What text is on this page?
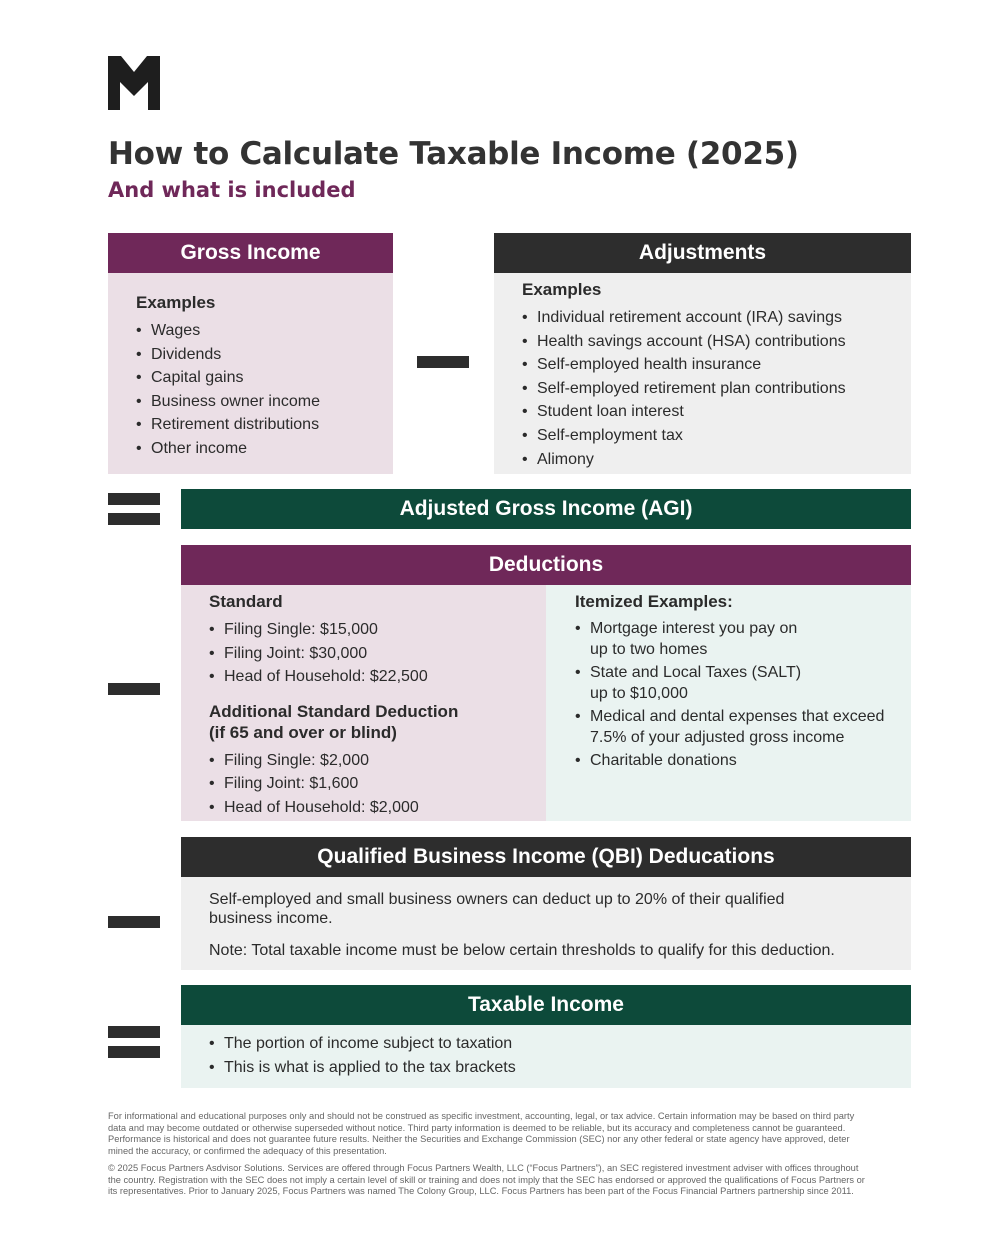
How to Calculate Taxable Income (2025)
And what is included
Gross Income
Examples
• Wages
• Dividends
• Capital gains
• Business owner income
• Retirement distributions
• Other income
Adjustments
Examples
• Individual retirement account (IRA) savings
• Health savings account (HSA) contributions
• Self-employed health insurance
• Self-employed retirement plan contributions
• Student loan interest
• Self-employment tax
• Alimony
Adjusted Gross Income (AGI)
Deductions
Standard
• Filing Single: $15,000
• Filing Joint: $30,000
• Head of Household: $22,500
Additional Standard Deduction
(if 65 and over or blind)
• Filing Single: $2,000
• Filing Joint: $1,600
• Head of Household: $2,000
Itemized Examples:
• Mortgage interest you pay on
up to two homes
• State and Local Taxes (SALT)
up to $10,000
• Medical and dental expenses that exceed
7.5% of your adjusted gross income
• Charitable donations
Qualified Business Income (QBI) Deducations
Self-employed and small business owners can deduct up to 20% of their qualified
business income.
Note: Total taxable income must be below certain thresholds to qualify for this deduction.
Taxable Income
• The portion of income subject to taxation
• This is what is applied to the tax brackets

For informational and educational purposes only and should not be construed as specific investment, accounting, legal, or tax advice. Certain information may be based on third party
data and may become outdated or otherwise superseded without notice. Third party information is deemed to be reliable, but its accuracy and completeness cannot be guaranteed.
Performance is historical and does not guarantee future results. Neither the Securities and Exchange Commission (SEC) nor any other federal or state agency have approved, deter
mined the accuracy, or confirmed the adequacy of this presentation.

© 2025 Focus Partners Asdvisor Solutions. Services are offered through Focus Partners Wealth, LLC (“Focus Partners”), an SEC registered investment adviser with offices throughout
the country. Registration with the SEC does not imply a certain level of skill or training and does not imply that the SEC has endorsed or approved the qualifications of Focus Partners or
its representatives. Prior to January 2025, Focus Partners was named The Colony Group, LLC. Focus Partners has been part of the Focus Financial Partners partnership since 2011.
